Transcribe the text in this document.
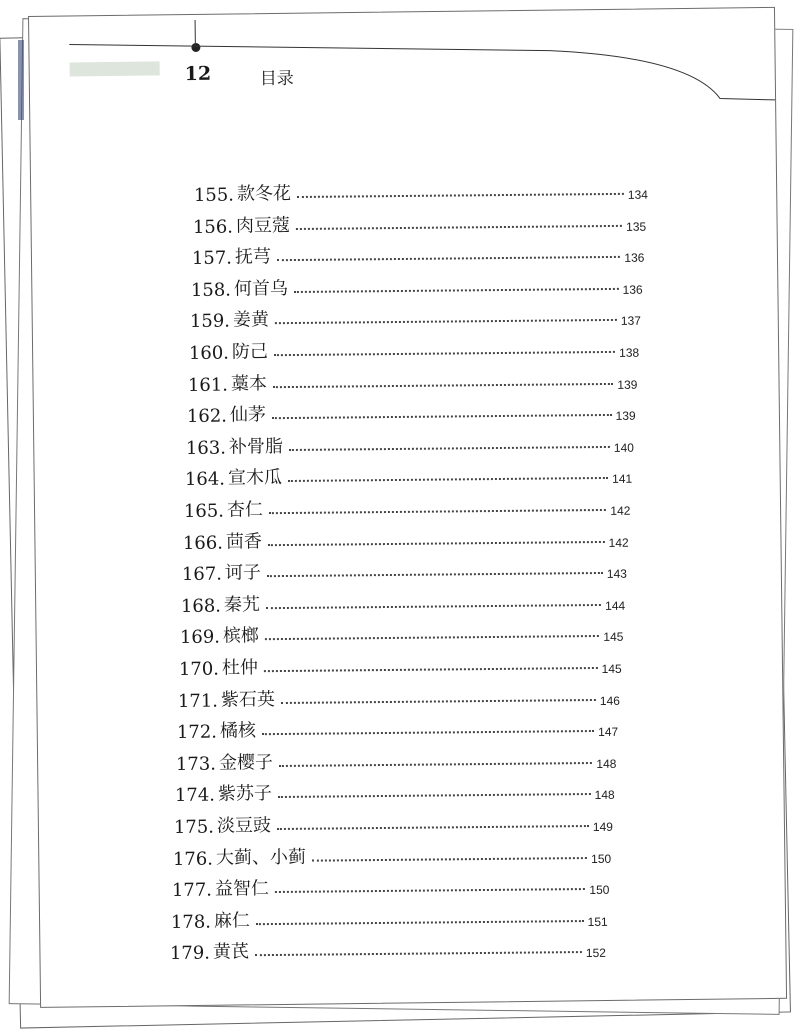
12	目录
155. 款冬花	134
156. 肉豆蔻	135
157. 抚芎	136
158. 何首乌	136
159. 姜黄	137
160. 防己	138
161. 藁本	139
162. 仙茅	139
163. 补骨脂	140
164. 宣木瓜	141
165. 杏仁	142
166. 茴香	142
167. 诃子	143
168. 秦艽	144
169. 槟榔	145
170. 杜仲	145
171. 紫石英	146
172. 橘核	147
173. 金樱子	148
174. 紫苏子	148
175. 淡豆豉	149
176. 大蓟、小蓟	150
177. 益智仁	150
178. 麻仁	151
179. 黄芪	152
